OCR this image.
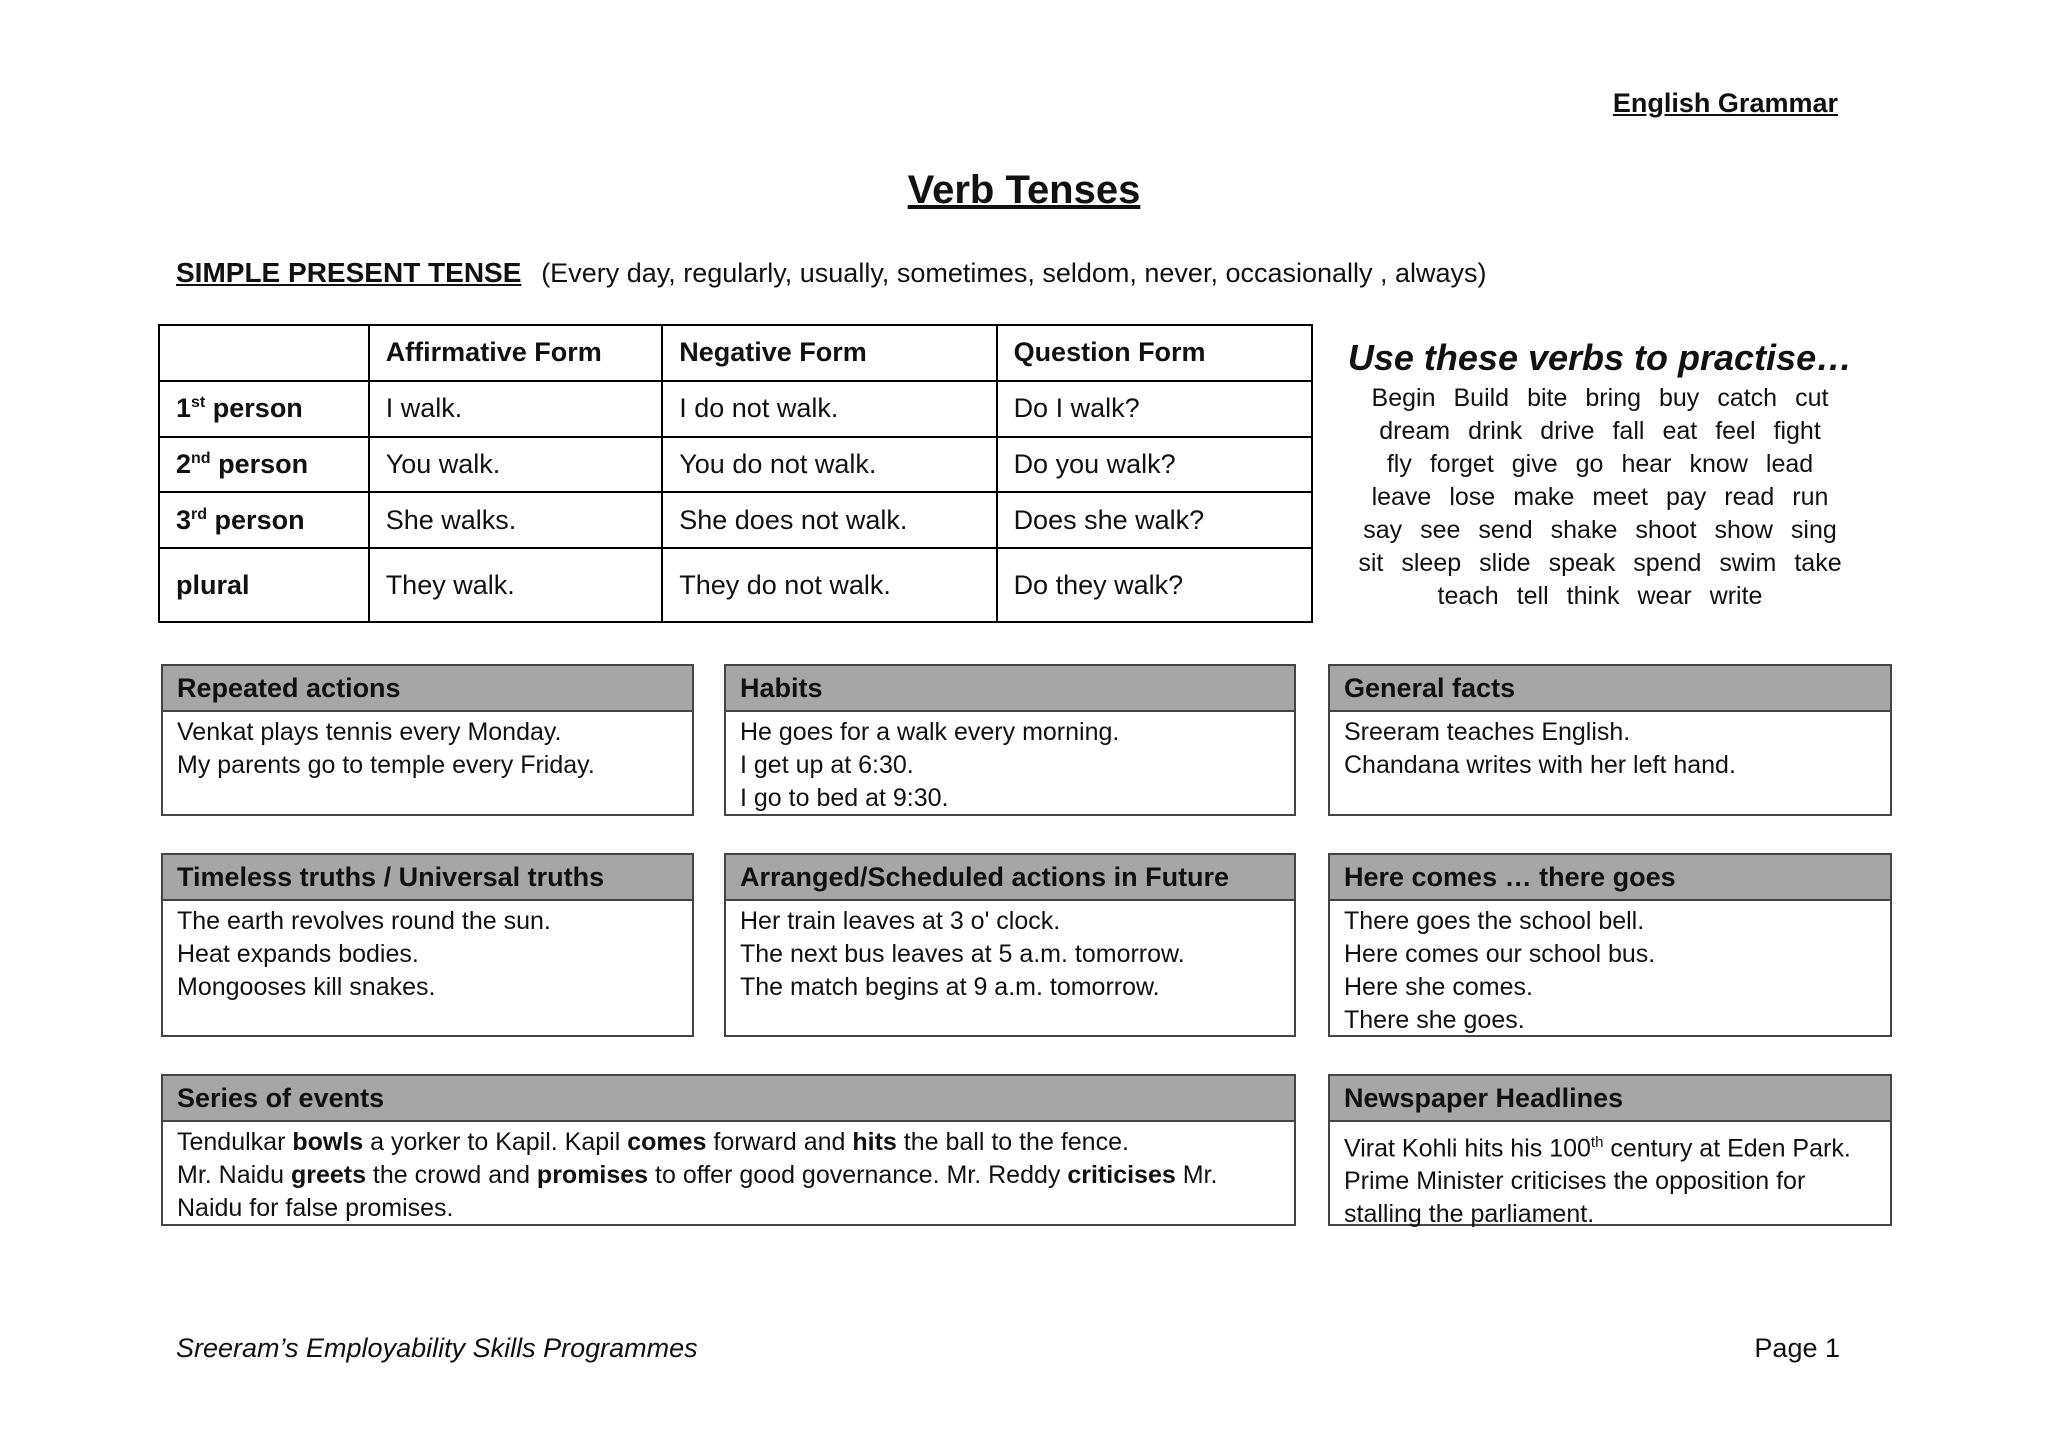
English Grammar
Verb Tenses
SIMPLE PRESENT TENSE (Every day, regularly, usually, sometimes, seldom, never, occasionally , always)
	Affirmative Form	Negative Form	Question Form
1st person	I walk.	I do not walk.	Do I walk?
2nd person	You walk.	You do not walk.	Do you walk?
3rd person	She walks.	She does not walk.	Does she walk?
plural	They walk.	They do not walk.	Do they walk?
Use these verbs to practise…
Begin Build bite bring buy catch cut
dream drink drive fall eat feel fight
fly forget give go hear know lead
leave lose make meet pay read run
say see send shake shoot show sing
sit sleep slide speak spend swim take
teach tell think wear write
Repeated actions
Venkat plays tennis every Monday.
My parents go to temple every Friday.
Habits
He goes for a walk every morning.
I get up at 6:30.
I go to bed at 9:30.
General facts
Sreeram teaches English.
Chandana writes with her left hand.
Timeless truths / Universal truths
The earth revolves round the sun.
Heat expands bodies.
Mongooses kill snakes.
Arranged/Scheduled actions in Future
Her train leaves at 3 o' clock.
The next bus leaves at 5 a.m. tomorrow.
The match begins at 9 a.m. tomorrow.
Here comes … there goes
There goes the school bell.
Here comes our school bus.
Here she comes.
There she goes.
Series of events
Tendulkar bowls a yorker to Kapil. Kapil comes forward and hits the ball to the fence.
Mr. Naidu greets the crowd and promises to offer good governance. Mr. Reddy criticises Mr. Naidu for false promises.
Newspaper Headlines
Virat Kohli hits his 100th century at Eden Park.
Prime Minister criticises the opposition for stalling the parliament.
Sreeram’s Employability Skills Programmes	Page 1
